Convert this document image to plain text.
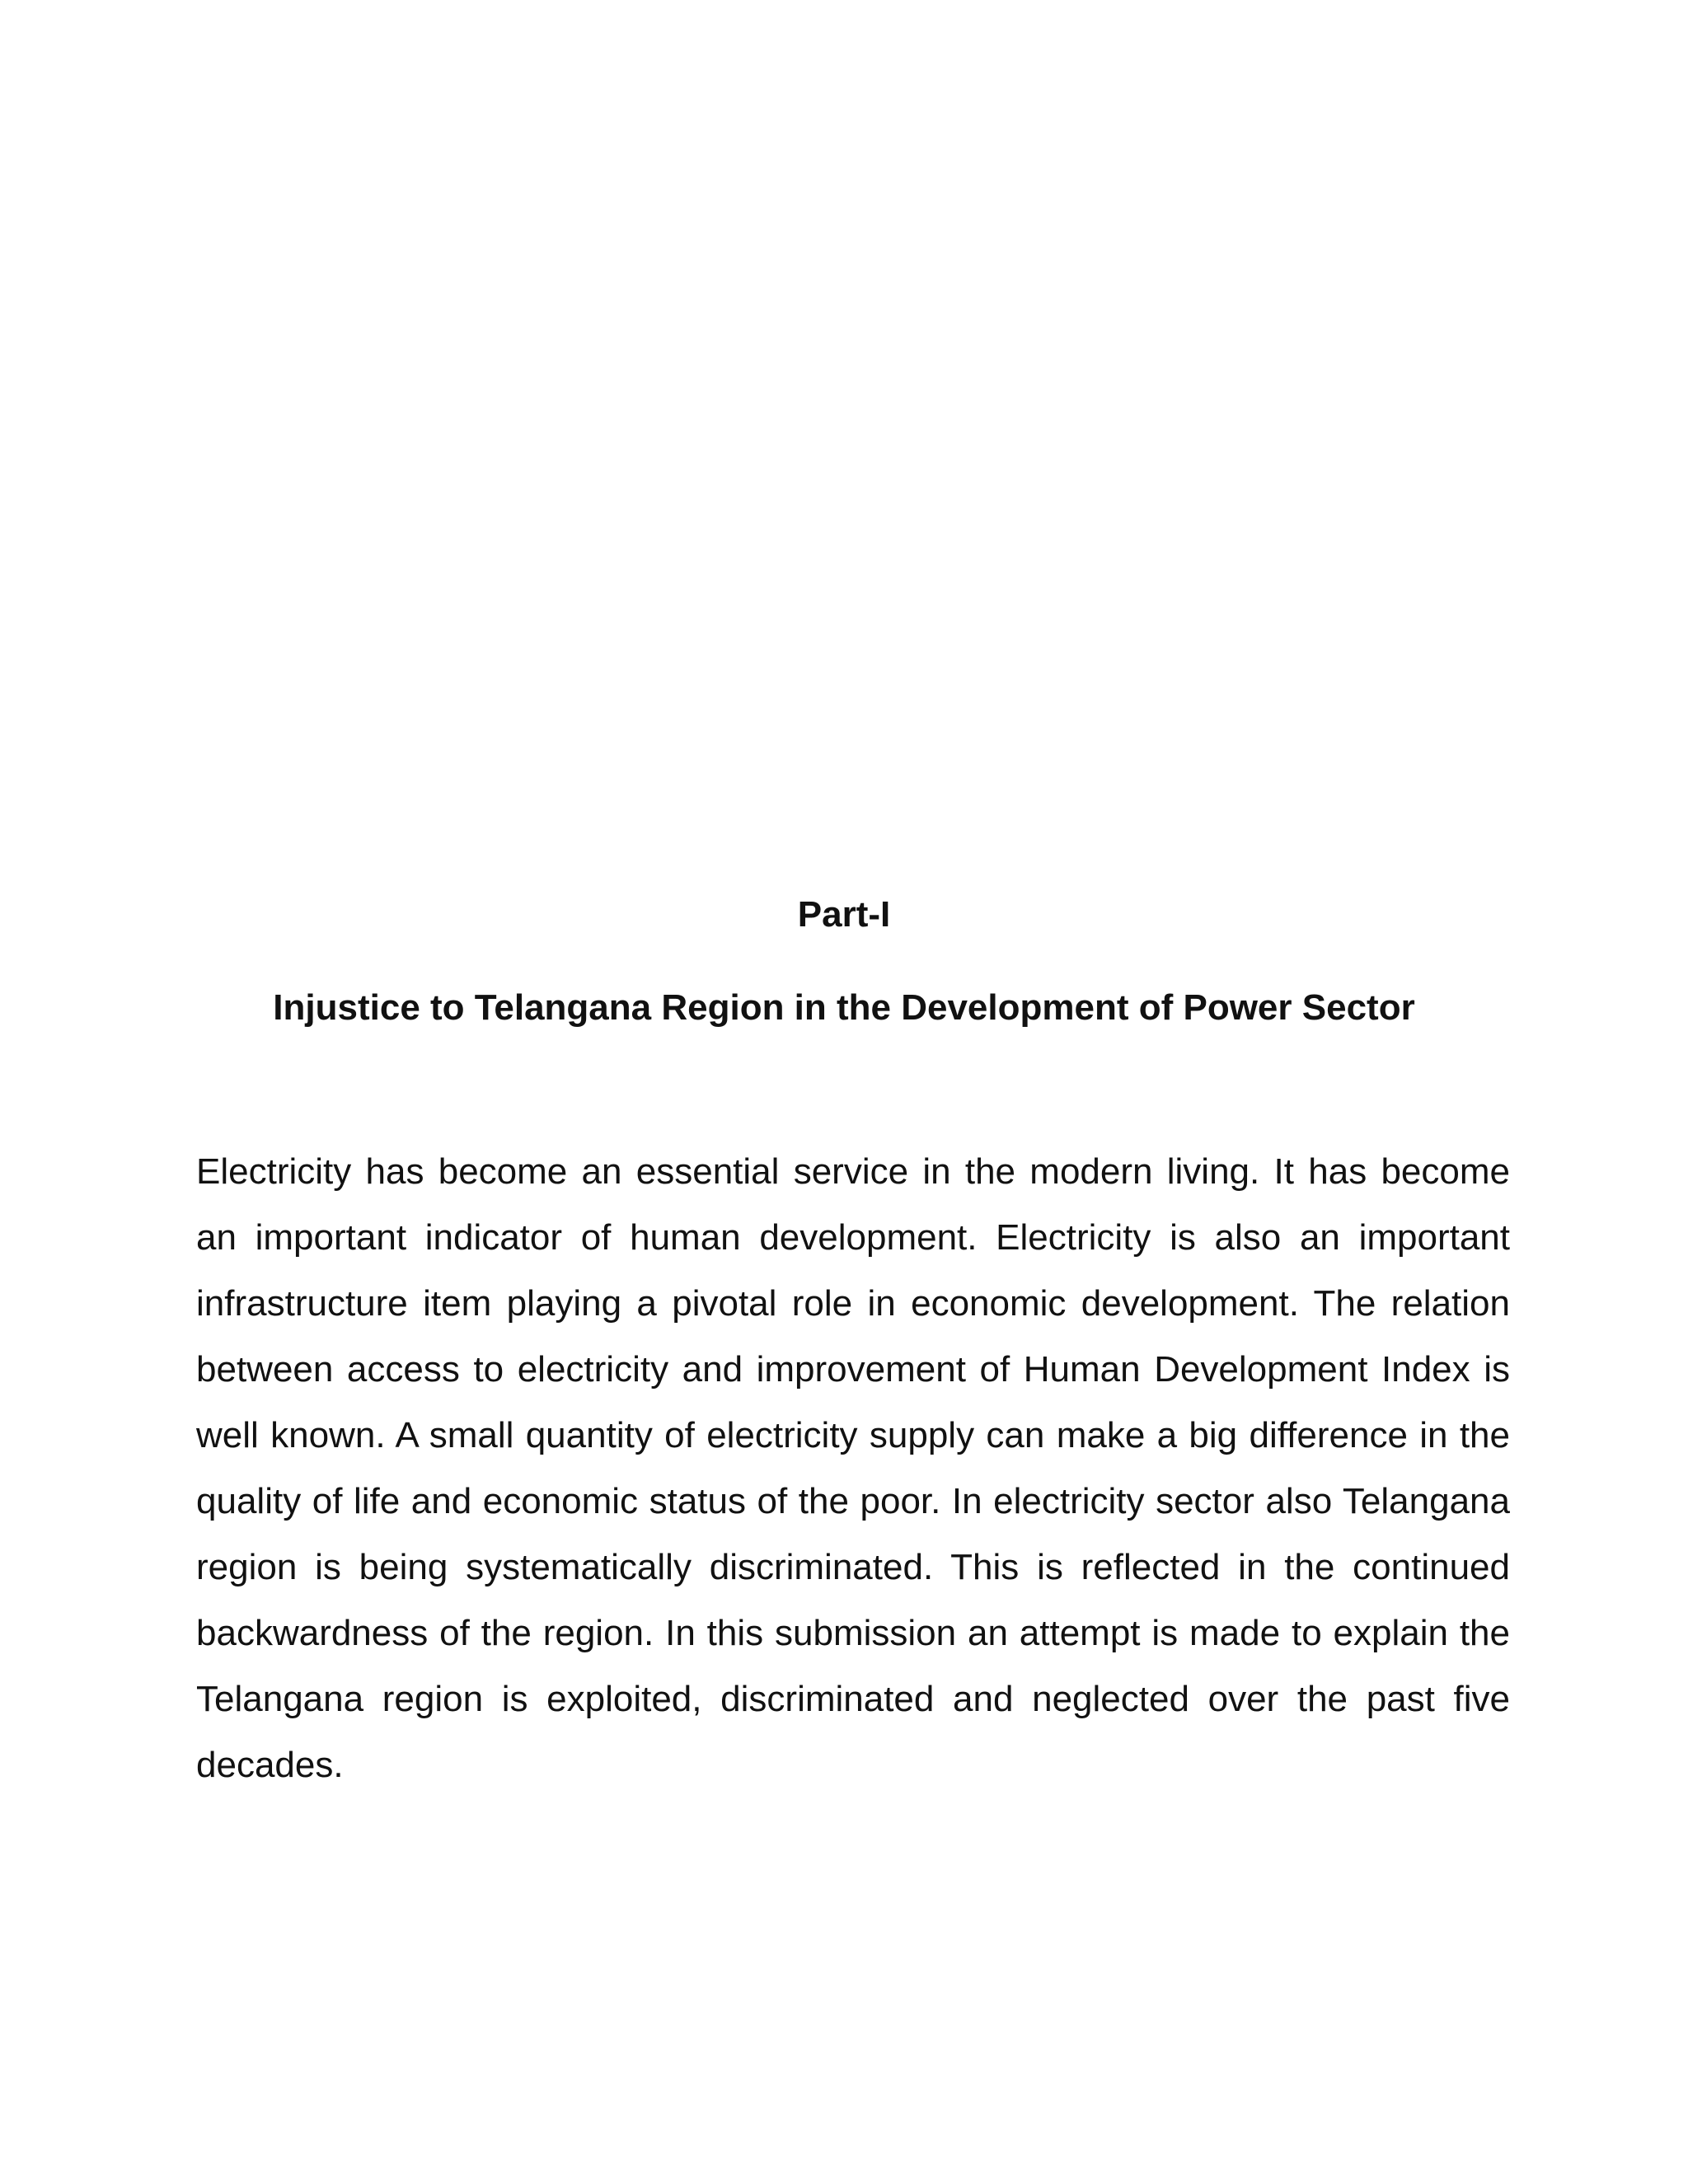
Part-I
Injustice to Telangana Region in the Development of Power Sector

Electricity has become an essential service in the modern living. It has become an important indicator of human development. Electricity is also an important infrastructure item playing a pivotal role in economic development. The relation between access to electricity and improvement of Human Development Index is well known. A small quantity of electricity supply can make a big difference in the quality of life and economic status of the poor. In electricity sector also Telangana region is being systematically discriminated. This is reflected in the continued backwardness of the region. In this submission an attempt is made to explain the Telangana region is exploited, discriminated and neglected over the past five decades.
